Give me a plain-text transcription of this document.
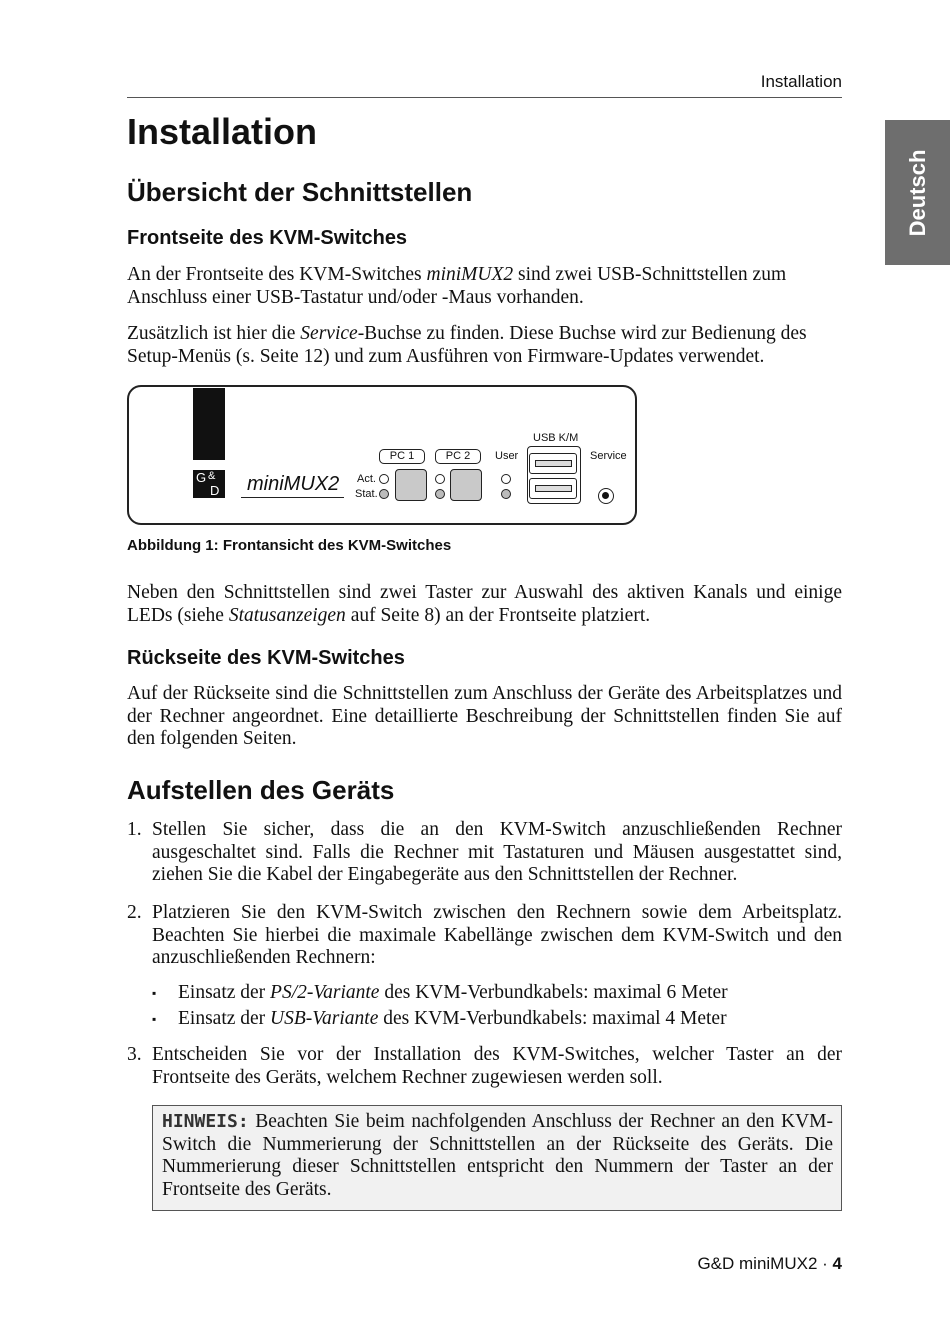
Installation
Deutsch
Installation
Übersicht der Schnittstellen
Frontseite des KVM-Switches

An der Frontseite des KVM-Switches miniMUX2 sind zwei USB-Schnittstellen zum Anschluss einer USB-Tastatur und/oder -Maus vorhanden.

Zusätzlich ist hier die Service-Buchse zu finden. Diese Buchse wird zur Bedienung des Setup-Menüs (s. Seite 12) und zum Ausführen von Firmware-Updates verwendet.

G &
D miniMUX2 Act.
Stat.
PC 1	PC 2	User
USB K/M
Service
Abbildung 1: Frontansicht des KVM-Switches

Neben den Schnittstellen sind zwei Taster zur Auswahl des aktiven Kanals und einige LEDs (siehe Statusanzeigen auf Seite 8) an der Frontseite platziert.

Rückseite des KVM-Switches

Auf der Rückseite sind die Schnittstellen zum Anschluss der Geräte des Arbeitsplatzes und der Rechner angeordnet. Eine detaillierte Beschreibung der Schnittstellen finden Sie auf den folgenden Seiten.

Aufstellen des Geräts
1. Stellen Sie sicher, dass die an den KVM-Switch anzuschließenden Rechner ausgeschaltet sind. Falls die Rechner mit Tastaturen und Mäusen ausgestattet sind, ziehen Sie die Kabel der Eingabegeräte aus den Schnittstellen der Rechner.
2. Platzieren Sie den KVM-Switch zwischen den Rechnern sowie dem Arbeitsplatz. Beachten Sie hierbei die maximale Kabellänge zwischen dem KVM-Switch und den anzuschließenden Rechnern:
▪ Einsatz der PS/2-Variante des KVM-Verbundkabels: maximal 6 Meter
▪ Einsatz der USB-Variante des KVM-Verbundkabels: maximal 4 Meter
3. Entscheiden Sie vor der Installation des KVM-Switches, welcher Taster an der Frontseite des Geräts, welchem Rechner zugewiesen werden soll.
HINWEIS: Beachten Sie beim nachfolgenden Anschluss der Rechner an den KVM-Switch die Nummerierung der Schnittstellen an der Rückseite des Geräts. Die Nummerierung dieser Schnittstellen entspricht den Nummern der Taster an der Frontseite des Geräts.
G&D miniMUX2 · 4
